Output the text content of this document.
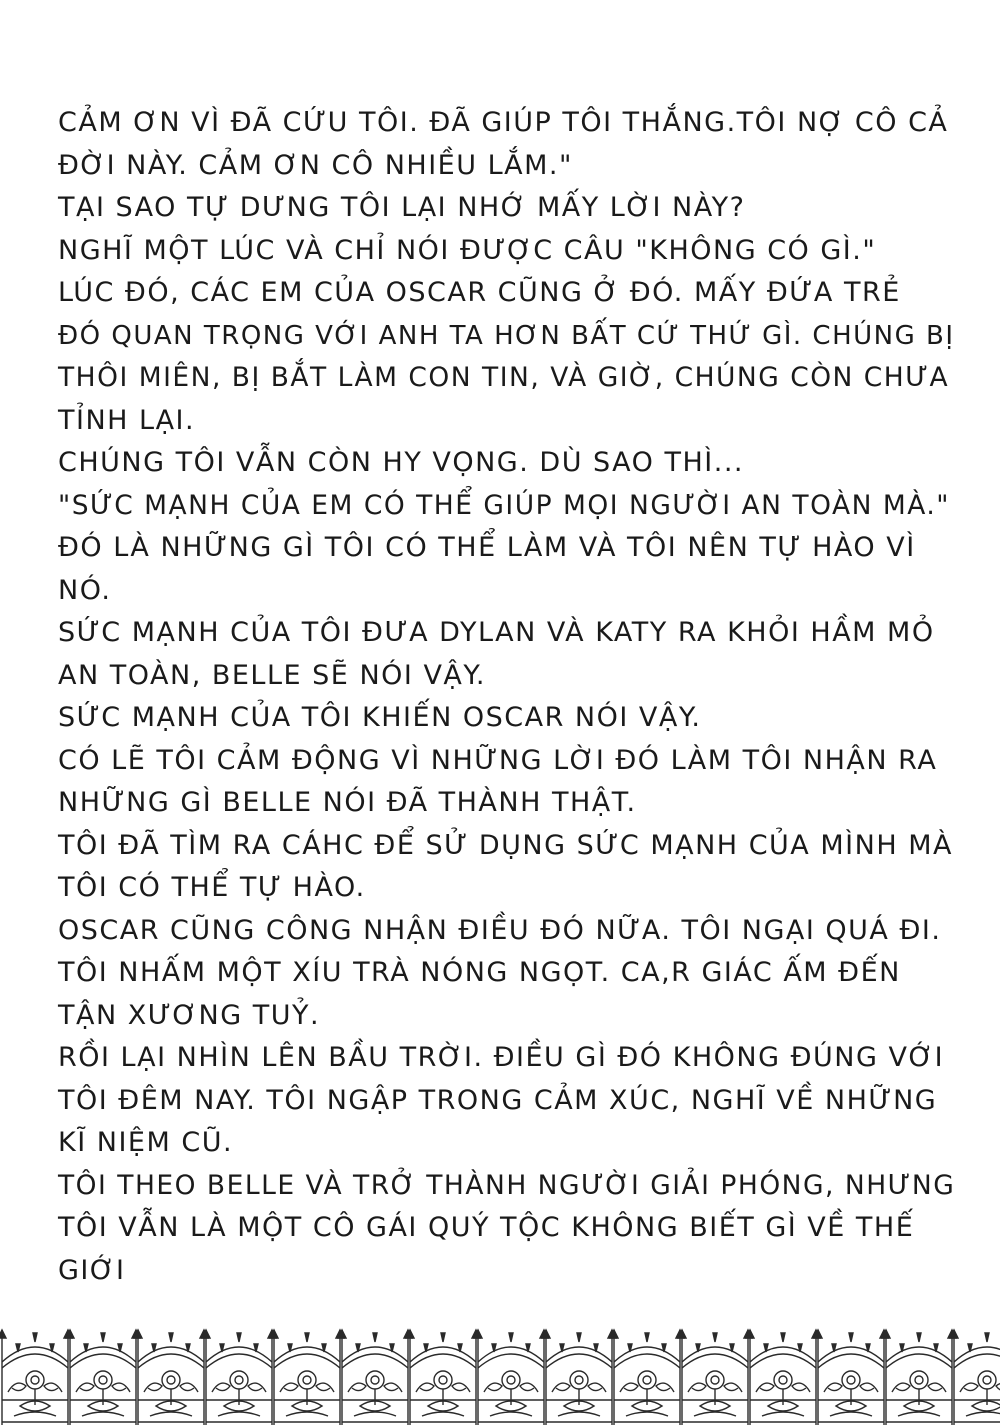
CẢM ƠN VÌ ĐÃ CỨU TÔI. ĐÃ GIÚP TÔI THẮNG.TÔI NỢ CÔ CẢ
ĐỜI NÀY. CẢM ƠN CÔ NHIỀU LẮM."
TẠI SAO TỰ DƯNG TÔI LẠI NHỚ MẤY LỜI NÀY?
NGHĨ MỘT LÚC VÀ CHỈ NÓI ĐƯỢC CÂU "KHÔNG CÓ GÌ."
LÚC ĐÓ, CÁC EM CỦA OSCAR CŨNG Ở ĐÓ. MẤY ĐỨA TRẺ
ĐÓ QUAN TRỌNG VỚI ANH TA HƠN BẤT CỨ THỨ GÌ. CHÚNG BỊ
THÔI MIÊN, BỊ BẮT LÀM CON TIN, VÀ GIỜ, CHÚNG CÒN CHƯA
TỈNH LẠI.
CHÚNG TÔI VẪN CÒN HY VỌNG. DÙ SAO THÌ...
"SỨC MẠNH CỦA EM CÓ THỂ GIÚP MỌI NGƯỜI AN TOÀN MÀ."
ĐÓ LÀ NHỮNG GÌ TÔI CÓ THỂ LÀM VÀ TÔI NÊN TỰ HÀO VÌ
NÓ.
SỨC MẠNH CỦA TÔI ĐƯA DYLAN VÀ KATY RA KHỎI HẦM MỎ
AN TOÀN, BELLE SẼ NÓI VẬY.
SỨC MẠNH CỦA TÔI KHIẾN OSCAR NÓI VẬY.
CÓ LẼ TÔI CẢM ĐỘNG VÌ NHỮNG LỜI ĐÓ LÀM TÔI NHẬN RA
NHỮNG GÌ BELLE NÓI ĐÃ THÀNH THẬT.
TÔI ĐÃ TÌM RA CÁHC ĐỂ SỬ DỤNG SỨC MẠNH CỦA MÌNH MÀ
TÔI CÓ THỂ TỰ HÀO.
OSCAR CŨNG CÔNG NHẬN ĐIỀU ĐÓ NỮA. TÔI NGẠI QUÁ ĐI.
TÔI NHẤM MỘT XÍU TRÀ NÓNG NGỌT. CA,R GIÁC ẤM ĐẾN
TẬN XƯƠNG TUỶ.
RỒI LẠI NHÌN LÊN BẦU TRỜI. ĐIỀU GÌ ĐÓ KHÔNG ĐÚNG VỚI
TÔI ĐÊM NAY. TÔI NGẬP TRONG CẢM XÚC, NGHĨ VỀ NHỮNG
KĨ NIỆM CŨ.
TÔI THEO BELLE VÀ TRỞ THÀNH NGƯỜI GIẢI PHÓNG, NHƯNG
TÔI VẪN LÀ MỘT CÔ GÁI QUÝ TỘC KHÔNG BIẾT GÌ VỀ THẾ
GIỚI
